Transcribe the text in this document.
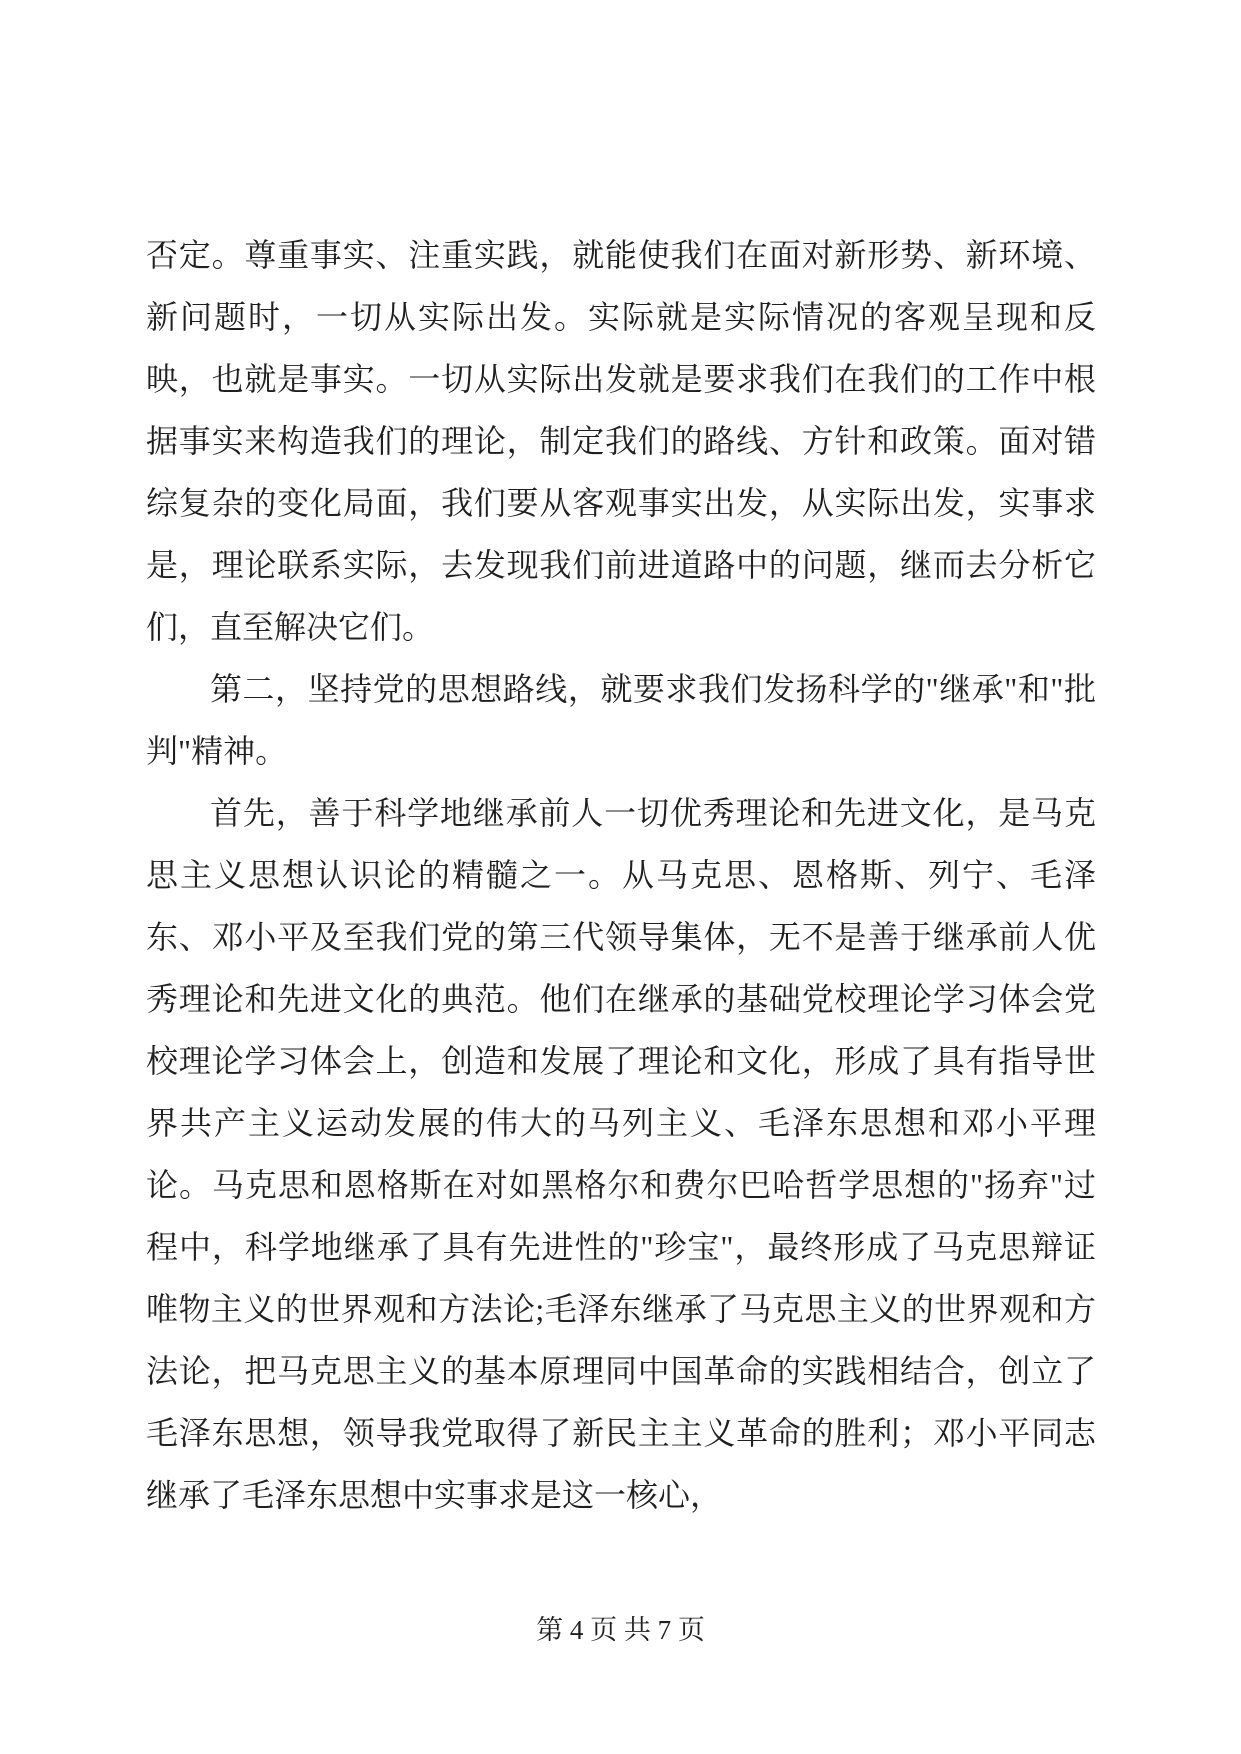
否定。尊重事实、注重实践，就能使我们在面对新形势、新环境、新问题时，一切从实际出发。实际就是实际情况的客观呈现和反映，也就是事实。一切从实际出发就是要求我们在我们的工作中根据事实来构造我们的理论，制定我们的路线、方针和政策。面对错综复杂的变化局面，我们要从客观事实出发，从实际出发，实事求是，理论联系实际，去发现我们前进道路中的问题，继而去分析它们，直至解决它们。

第二，坚持党的思想路线，就要求我们发扬科学的"继承"和"批判"精神。

首先，善于科学地继承前人一切优秀理论和先进文化，是马克思主义思想认识论的精髓之一。从马克思、恩格斯、列宁、毛泽东、邓小平及至我们党的第三代领导集体，无不是善于继承前人优秀理论和先进文化的典范。他们在继承的基础党校理论学习体会党校理论学习体会上，创造和发展了理论和文化，形成了具有指导世界共产主义运动发展的伟大的马列主义、毛泽东思想和邓小平理论。马克思和恩格斯在对如黑格尔和费尔巴哈哲学思想的"扬弃"过程中，科学地继承了具有先进性的"珍宝"，最终形成了马克思辩证唯物主义的世界观和方法论;毛泽东继承了马克思主义的世界观和方法论，把马克思主义的基本原理同中国革命的实践相结合，创立了毛泽东思想，领导我党取得了新民主主义革命的胜利；邓小平同志继承了毛泽东思想中实事求是这一核心，

第 4 页 共 7 页
